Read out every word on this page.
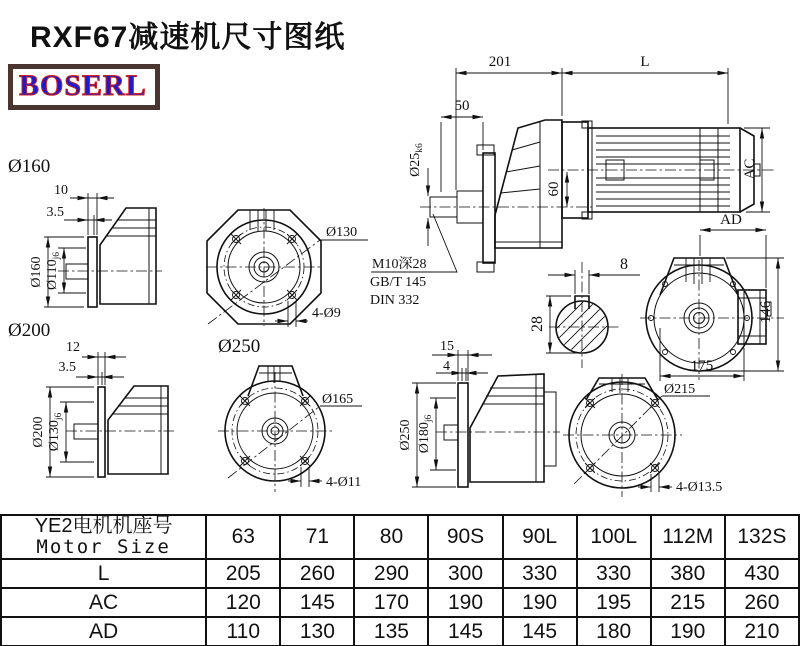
RXF67减速机尺寸图纸
BOSERL
201	L
50
$Ø25_{k6}$
60
AC
M10深28
GB/T 145
DIN 332
AD
146
175
Ø215
4-Ø13.5
Ø130
4-Ø9
Ø165
4-Ø11
Ø160
10
3.5
Ø160 $Ø110_{j6}$
Ø200
12
3.5
Ø200 $Ø130_{j6}$
Ø250	15
4
Ø250 $Ø180_{j6}$
8
28
YE2电机机座号
Motor Size	63	71	80	90S	90L	100L	112M	132S
L	205	260	290	300	330	330	380	430
AC	120	145	170	190	190	195	215	260
AD	110	130	135	145	145	180	190	210
